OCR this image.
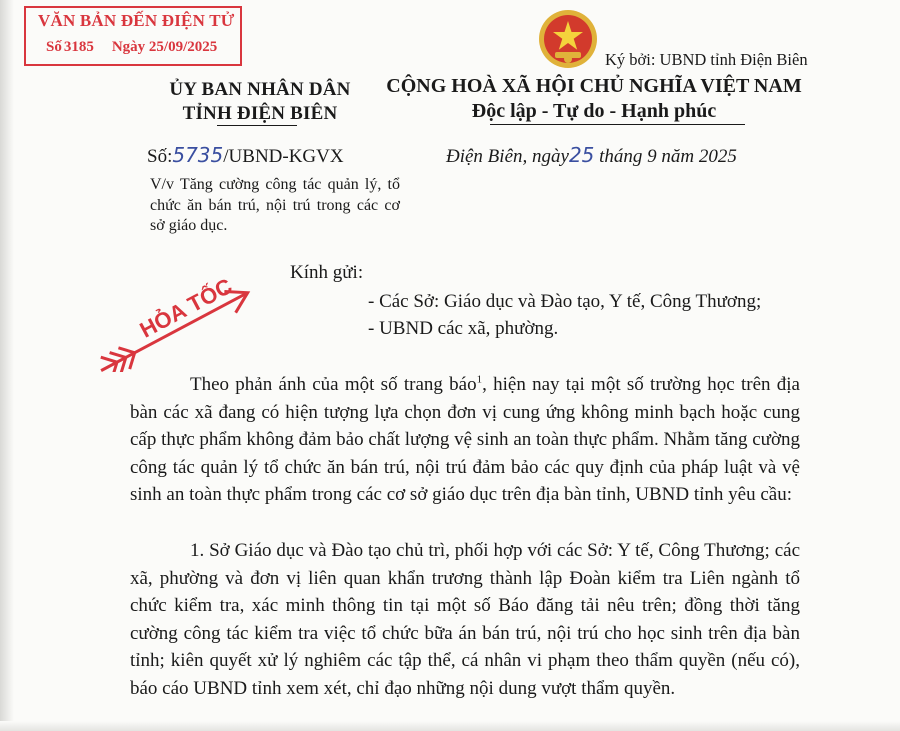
VĂN BẢN ĐẾN ĐIỆN TỬ
Số 3185 Ngày 25/09/2025
Ký bởi: UBND tỉnh Điện Biên
ỦY BAN NHÂN DÂN
TỈNH ĐIỆN BIÊN
CỘNG HOÀ XÃ HỘI CHỦ NGHĨA VIỆT NAM
Độc lập - Tự do - Hạnh phúc
Số:5735/UBND-KGVX	Điện Biên, ngày25 tháng 9 năm 2025
V/v Tăng cường công tác quản lý, tổ chức ăn bán trú, nội trú trong các cơ sở giáo dục.
HỎA TỐC
Kính gửi:
- Các Sở: Giáo dục và Đào tạo, Y tế, Công Thương;
- UBND các xã, phường.
Theo phản ánh của một số trang báo$^1$, hiện nay tại một số trường học trên địa bàn các xã đang có hiện tượng lựa chọn đơn vị cung ứng không minh bạch hoặc cung cấp thực phẩm không đảm bảo chất lượng vệ sinh an toàn thực phẩm. Nhằm tăng cường công tác quản lý tổ chức ăn bán trú, nội trú đảm bảo các quy định của pháp luật và vệ sinh an toàn thực phẩm trong các cơ sở giáo dục trên địa bàn tỉnh, UBND tỉnh yêu cầu:
1. Sở Giáo dục và Đào tạo chủ trì, phối hợp với các Sở: Y tế, Công Thương; các xã, phường và đơn vị liên quan khẩn trương thành lập Đoàn kiểm tra Liên ngành tổ chức kiểm tra, xác minh thông tin tại một số Báo đăng tải nêu trên; đồng thời tăng cường công tác kiểm tra việc tổ chức bữa án bán trú, nội trú cho học sinh trên địa bàn tỉnh; kiên quyết xử lý nghiêm các tập thể, cá nhân vi phạm theo thẩm quyền (nếu có), báo cáo UBND tỉnh xem xét, chỉ đạo những nội dung vượt thẩm quyền.
